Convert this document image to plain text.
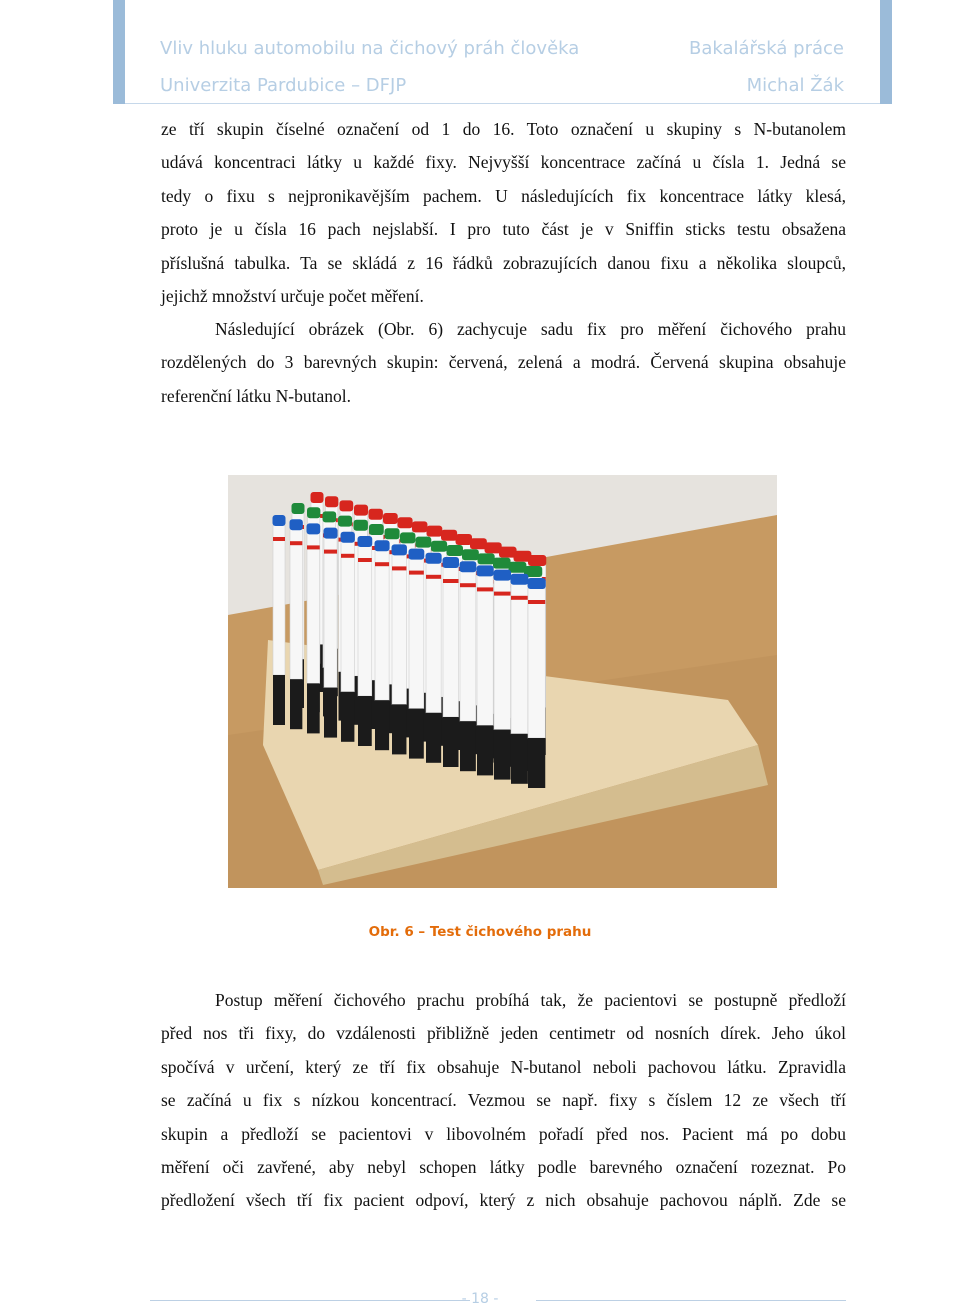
Vliv hluku automobilu na čichový práh člověka	Bakalářská práce
Univerzita Pardubice – DFJP	Michal Žák
ze tří skupin číselné označení od 1 do 16. Toto označení u skupiny s N-butanolem
udává koncentraci látky u každé fixy. Nejvyšší koncentrace začíná u čísla 1. Jedná se
tedy o fixu s nejpronikavějším pachem. U následujících fix koncentrace látky klesá,
proto je u čísla 16 pach nejslabší. I pro tuto část je v Sniffin sticks testu obsažena
příslušná tabulka. Ta se skládá z 16 řádků zobrazujících danou fixu a několika sloupců,
jejichž množství určuje počet měření.
Následující obrázek (Obr. 6) zachycuje sadu fix pro měření čichového prahu
rozdělených do 3 barevných skupin: červená, zelená a modrá. Červená skupina obsahuje
referenční látku N-butanol.
Obr. 6 – Test čichového prahu
Postup měření čichového prachu probíhá tak, že pacientovi se postupně předloží
před nos tři fixy, do vzdálenosti přibližně jeden centimetr od nosních dírek. Jeho úkol
spočívá v určení, který ze tří fix obsahuje N-butanol neboli pachovou látku. Zpravidla
se začíná u fix s nízkou koncentrací. Vezmou se např. fixy s číslem 12 ze všech tří
skupin a předloží se pacientovi v libovolném pořadí před nos. Pacient má po dobu
měření oči zavřené, aby nebyl schopen látky podle barevného označení rozeznat. Po
předložení všech tří fix pacient odpoví, který z nich obsahuje pachovou náplň. Zde se
- 18 -
